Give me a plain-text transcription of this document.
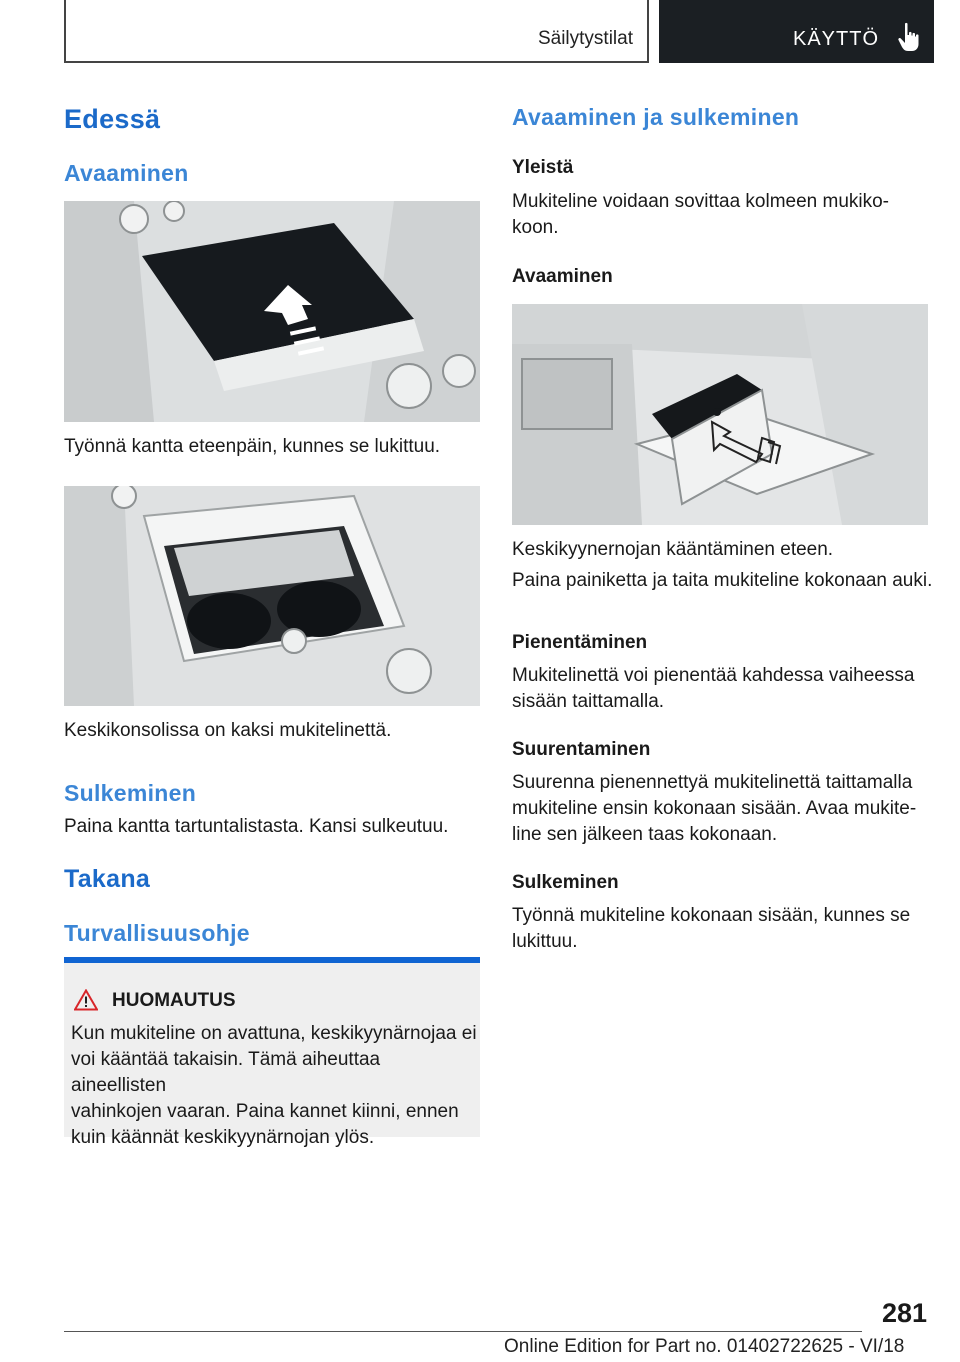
Säilytystilat	KÄYTTÖ
Edessä
Avaaminen
Työnnä kantta eteenpäin, kunnes se lukittuu.
Keskikonsolissa on kaksi mukitelinettä.
Sulkeminen
Paina kantta tartuntalistasta. Kansi sulkeutuu.
Takana
Turvallisuusohje
HUOMAUTUS
Kun mukiteline on avattuna, keskikyynärnojaa ei
voi kääntää takaisin. Tämä aiheuttaa aineellisten
vahinkojen vaaran. Paina kannet kiinni, ennen
kuin käännät keskikyynärnojan ylös.
Avaaminen ja sulkeminen
Yleistä
Mukiteline voidaan sovittaa kolmeen mukiko-
koon.
Avaaminen
Keskikyynernojan kääntäminen eteen.
Paina painiketta ja taita mukiteline kokonaan auki.
Pienentäminen
Mukitelinettä voi pienentää kahdessa vaiheessa
sisään taittamalla.
Suurentaminen
Suurenna pienennettyä mukitelinettä taittamalla
mukiteline ensin kokonaan sisään. Avaa mukite-
line sen jälkeen taas kokonaan.
Sulkeminen
Työnnä mukiteline kokonaan sisään, kunnes se
lukittuu.
281
Online Edition for Part no. 01402722625 - VI/18
